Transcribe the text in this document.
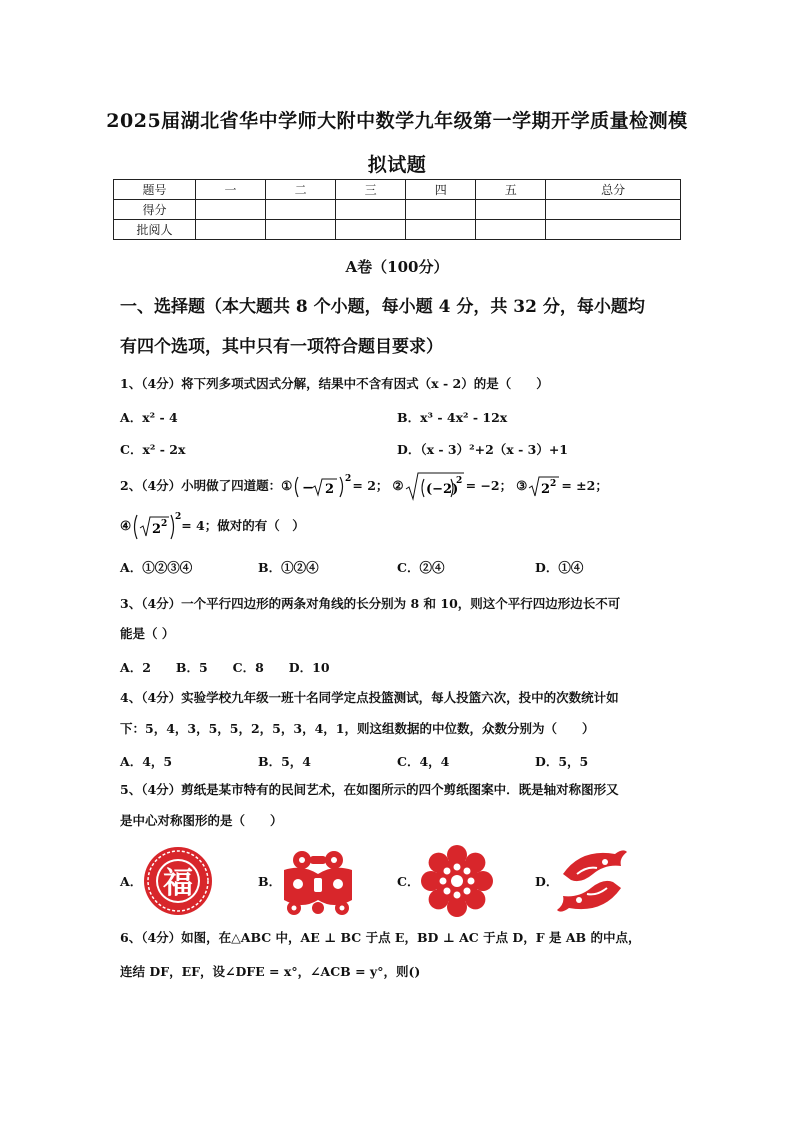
2025届湖北省华中学师大附中数学九年级第一学期开学质量检测模
拟试题
题号	一	二	三	四	五	总分
得分						
批阅人						
A卷（100分）
一、选择题（本大题共 8 个小题，每小题 4 分，共 32 分，每小题均
有四个选项，其中只有一项符合题目要求）
1、（4分）将下列多项式因式分解，结果中不含有因式（x - 2）的是（　　）
A．x² - 4	B．x³ - 4x² - 12x
C．x² - 2x	D．（x - 3）²+2（x - 3）+1
2、（4分）小明做了四道题： ① − 2
2 = 2； ② (−2)
2 = −2； ③ 2 2 = ±2；
④ 2 2
2
= 4；做对的有（　）
A．①②③④	B．①②④	C．②④	D．①④
3、（4分）一个平行四边形的两条对角线的长分别为 8 和 10，则这个平行四边形边长不可
能是（ ）
A．2　　B．5　　C．8　　D．10
4、（4分）实验学校九年级一班十名同学定点投篮测试，每人投篮六次，投中的次数统计如
下：5，4，3，5，5，2，5，3，4，1，则这组数据的中位数，众数分别为（　　）
A．4，5	B．5，4	C．4，4	D．5，5
5、（4分）剪纸是某市特有的民间艺术，在如图所示的四个剪纸图案中．既是轴对称图形又
是中心对称图形的是（　　）
A． 福	B．	C．	D．
6、（4分）如图，在△ABC 中，AE ⊥ BC 于点 E，BD ⊥ AC 于点 D，F 是 AB 的中点，
连结 DF，EF，设∠DFE = x°，∠ACB = y°，则()
